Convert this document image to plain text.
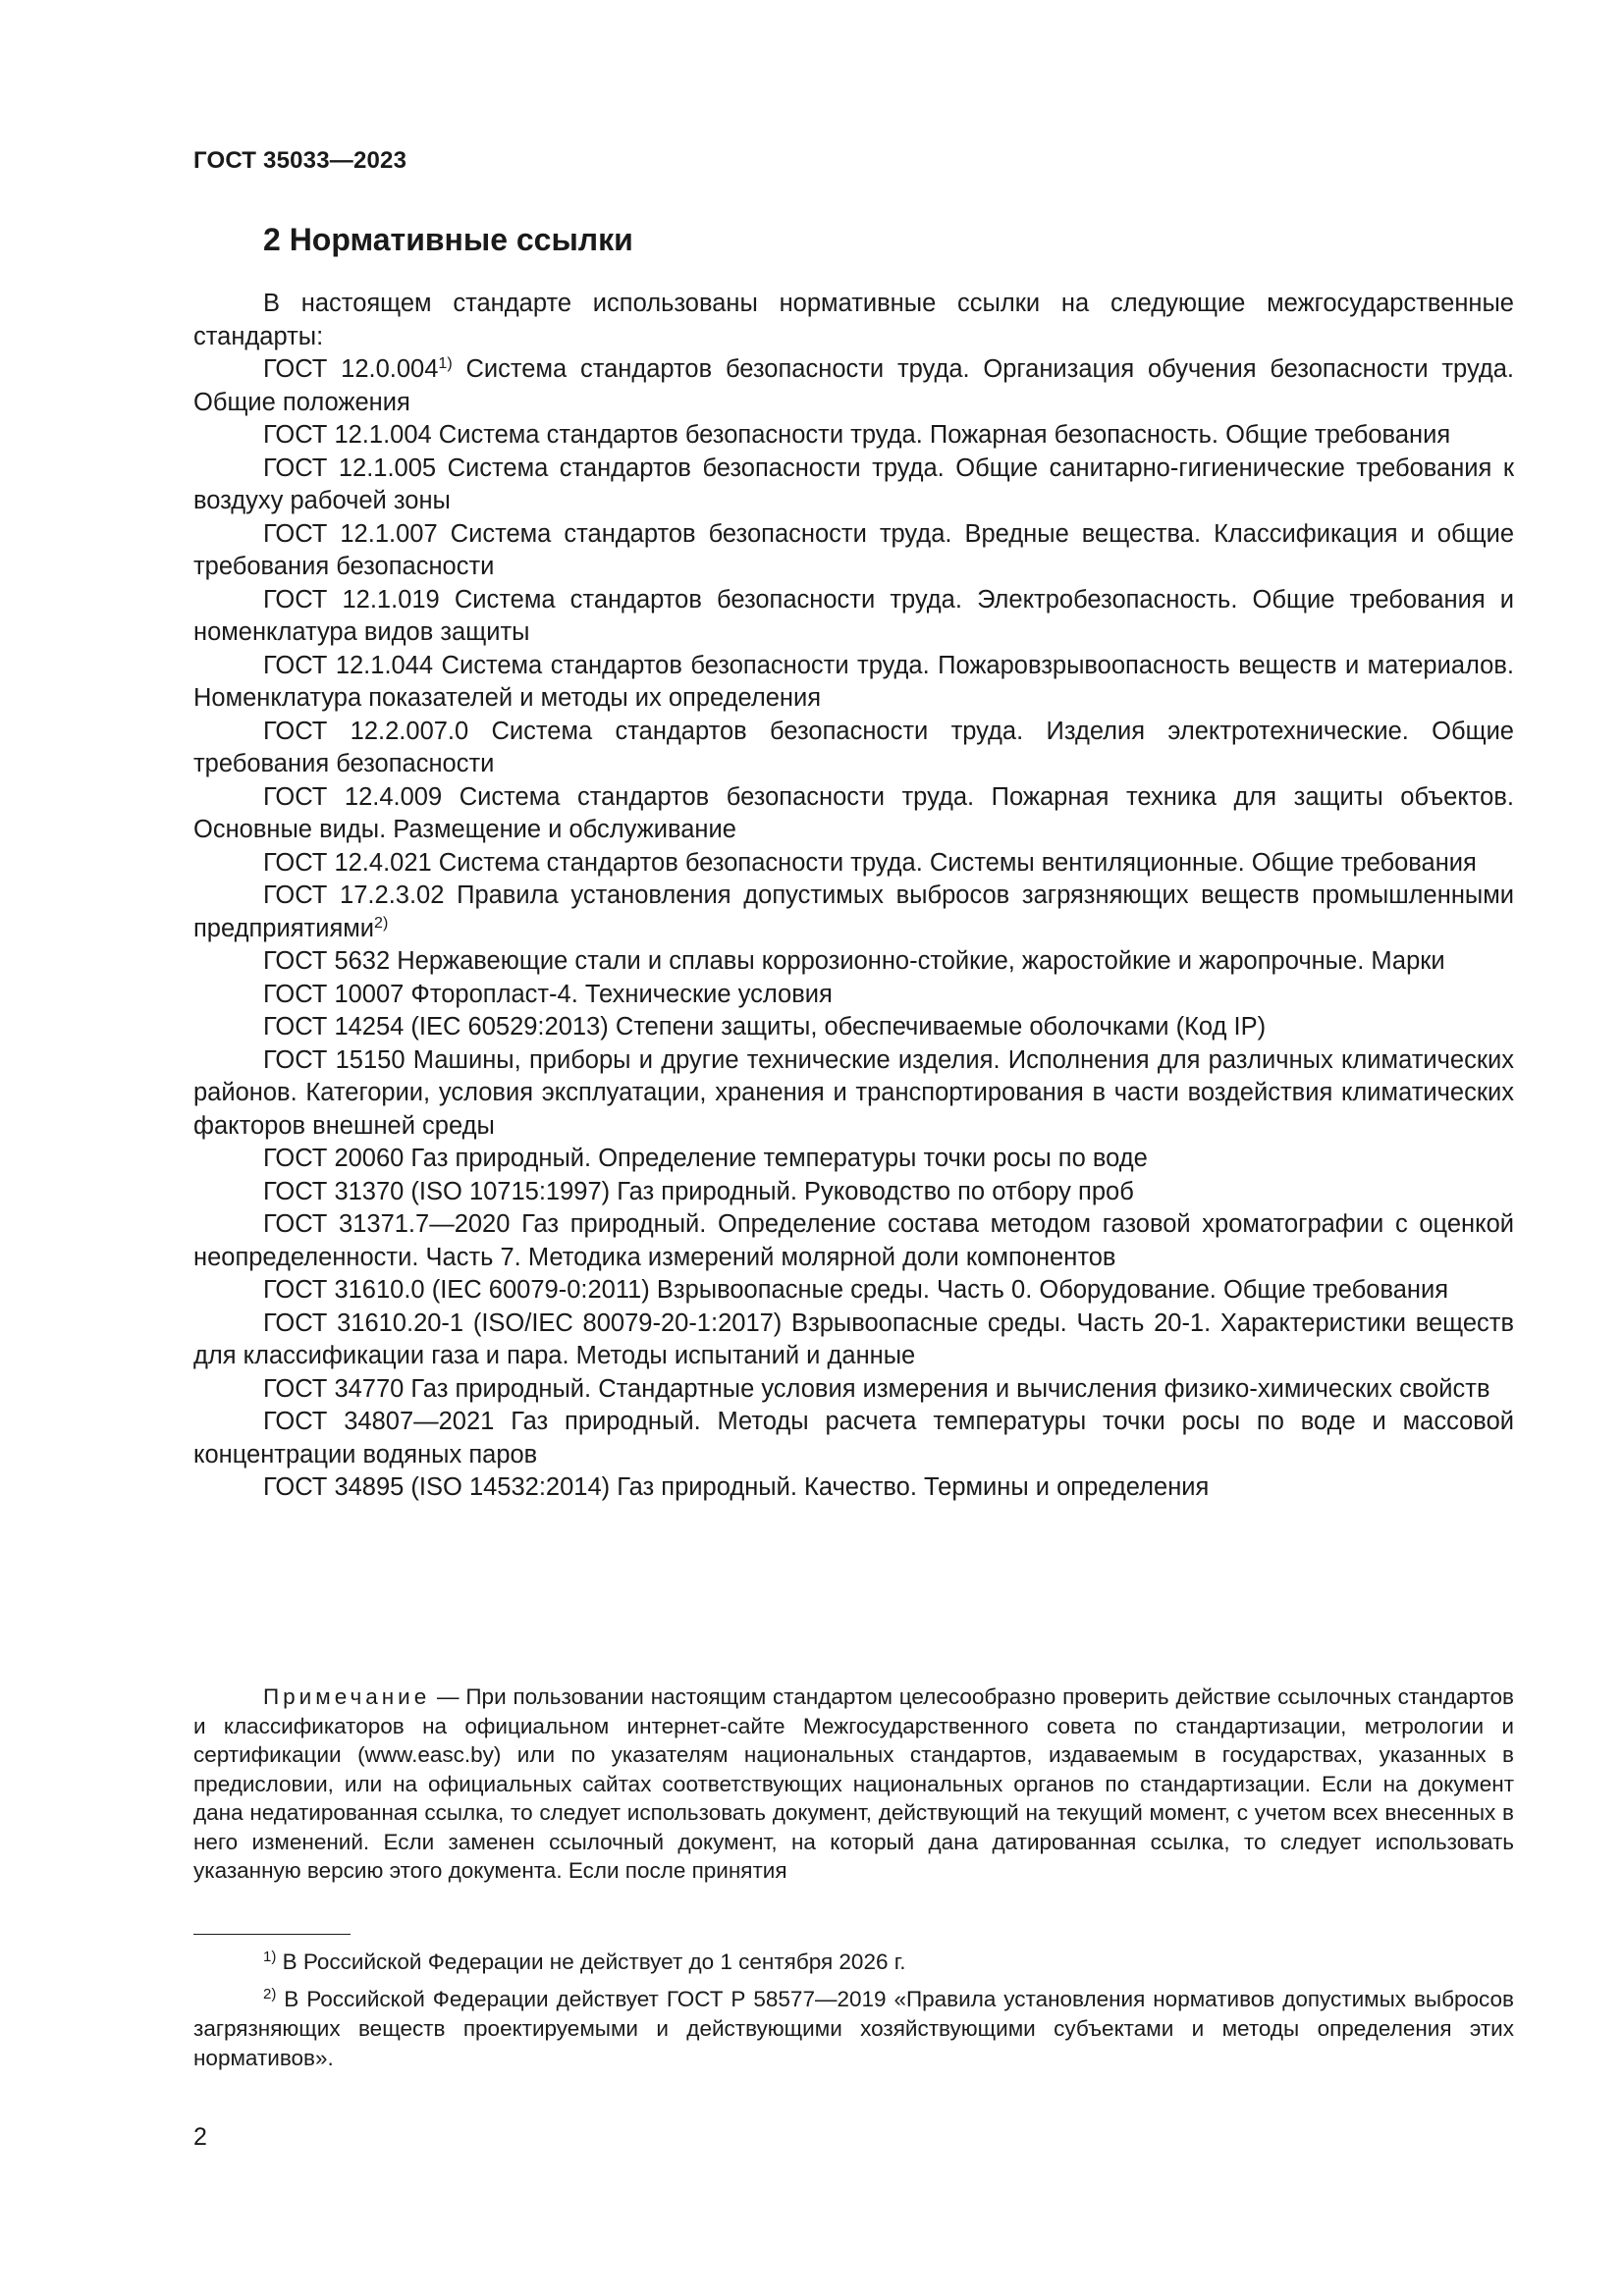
ГОСТ 35033—2023
2 Нормативные ссылки

В настоящем стандарте использованы нормативные ссылки на следующие межгосударственные стандарты:

ГОСТ 12.0.004$^{1)}$ Система стандартов безопасности труда. Организация обучения безопасности труда. Общие положения

ГОСТ 12.1.004 Система стандартов безопасности труда. Пожарная безопасность. Общие требования

ГОСТ 12.1.005 Система стандартов безопасности труда. Общие санитарно-гигиенические требования к воздуху рабочей зоны

ГОСТ 12.1.007 Система стандартов безопасности труда. Вредные вещества. Классификация и общие требования безопасности

ГОСТ 12.1.019 Система стандартов безопасности труда. Электробезопасность. Общие требования и номенклатура видов защиты

ГОСТ 12.1.044 Система стандартов безопасности труда. Пожаровзрывоопасность веществ и материалов. Номенклатура показателей и методы их определения

ГОСТ 12.2.007.0 Система стандартов безопасности труда. Изделия электротехнические. Общие требования безопасности

ГОСТ 12.4.009 Система стандартов безопасности труда. Пожарная техника для защиты объектов. Основные виды. Размещение и обслуживание

ГОСТ 12.4.021 Система стандартов безопасности труда. Системы вентиляционные. Общие требования

ГОСТ 17.2.3.02 Правила установления допустимых выбросов загрязняющих веществ промышленными предприятиями$^{2)}$

ГОСТ 5632 Нержавеющие стали и сплавы коррозионно-стойкие, жаростойкие и жаропрочные. Марки

ГОСТ 10007 Фторопласт-4. Технические условия

ГОСТ 14254 (IEC 60529:2013) Степени защиты, обеспечиваемые оболочками (Код IP)

ГОСТ 15150 Машины, приборы и другие технические изделия. Исполнения для различных климатических районов. Категории, условия эксплуатации, хранения и транспортирования в части воздействия климатических факторов внешней среды

ГОСТ 20060 Газ природный. Определение температуры точки росы по воде

ГОСТ 31370 (ISO 10715:1997) Газ природный. Руководство по отбору проб

ГОСТ 31371.7—2020 Газ природный. Определение состава методом газовой хроматографии с оценкой неопределенности. Часть 7. Методика измерений молярной доли компонентов

ГОСТ 31610.0 (IEC 60079-0:2011) Взрывоопасные среды. Часть 0. Оборудование. Общие требования

ГОСТ 31610.20-1 (ISO/IEC 80079-20-1:2017) Взрывоопасные среды. Часть 20-1. Характеристики веществ для классификации газа и пара. Методы испытаний и данные

ГОСТ 34770 Газ природный. Стандартные условия измерения и вычисления физико-химических свойств

ГОСТ 34807—2021 Газ природный. Методы расчета температуры точки росы по воде и массовой концентрации водяных паров

ГОСТ 34895 (ISO 14532:2014) Газ природный. Качество. Термины и определения

Примечание — При пользовании настоящим стандартом целесообразно проверить действие ссылочных стандартов и классификаторов на официальном интернет-сайте Межгосударственного совета по стандартизации, метрологии и сертификации (www.easc.by) или по указателям национальных стандартов, издаваемым в государствах, указанных в предисловии, или на официальных сайтах соответствующих национальных органов по стандартизации. Если на документ дана недатированная ссылка, то следует использовать документ, действующий на текущий момент, с учетом всех внесенных в него изменений. Если заменен ссылочный документ, на который дана датированная ссылка, то следует использовать указанную версию этого документа. Если после принятия

$^{1)}$ В Российской Федерации не действует до 1 сентября 2026 г.

$^{2)}$ В Российской Федерации действует ГОСТ Р 58577—2019 «Правила установления нормативов допустимых выбросов загрязняющих веществ проектируемыми и действующими хозяйствующими субъектами и методы определения этих нормативов».

2
